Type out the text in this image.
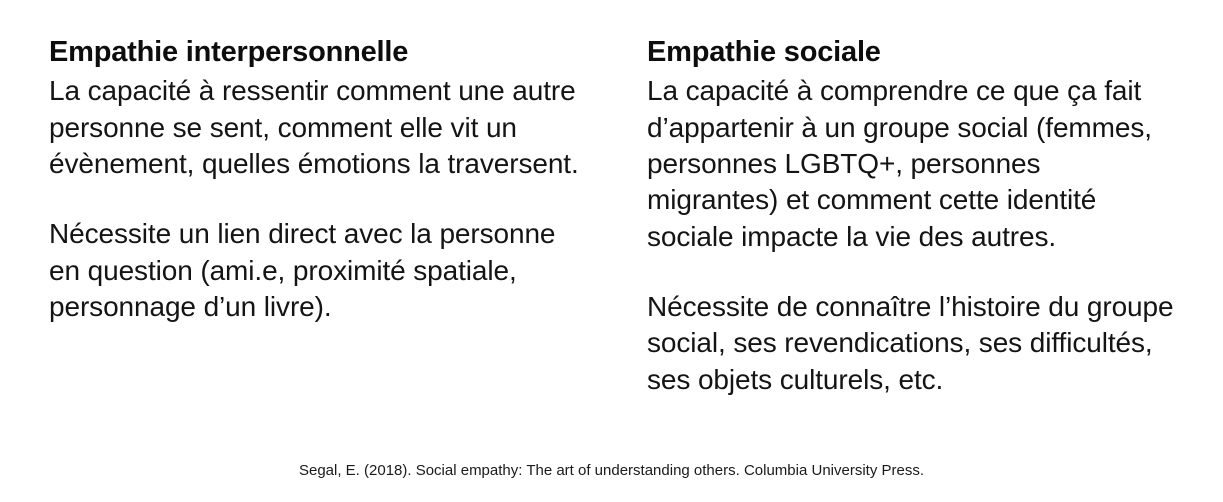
Empathie interpersonnelle

La capacité à ressentir comment une autre personne se sent, comment elle vit un évènement, quelles émotions la traversent.

Nécessite un lien direct avec la personne en question (ami.e, proximité spatiale, personnage d’un livre).

Empathie sociale

La capacité à comprendre ce que ça fait d’appartenir à un groupe social (femmes, personnes LGBTQ+, personnes migrantes) et comment cette identité sociale impacte la vie des autres.

Nécessite de connaître l’histoire du groupe social, ses revendications, ses difficultés, ses objets culturels, etc.

Segal, E. (2018). Social empathy: The art of understanding others. Columbia University Press.
